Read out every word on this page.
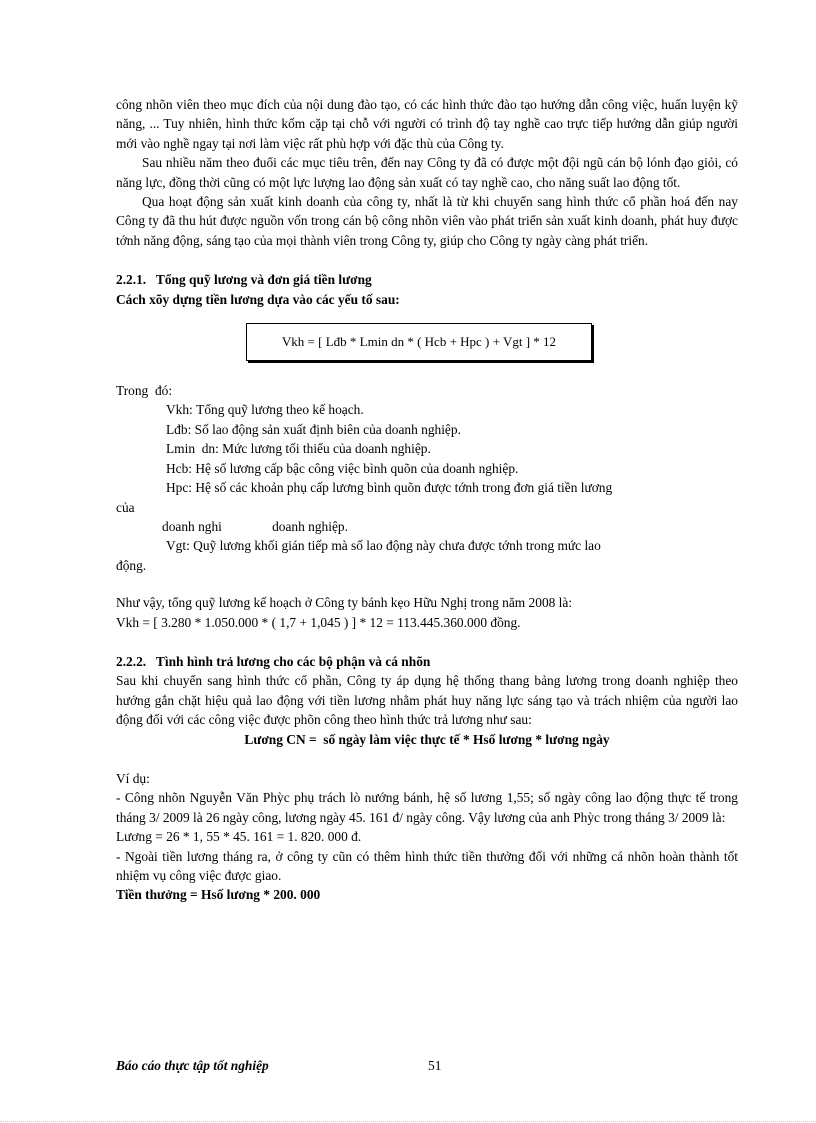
công nhõn viên theo mục đích của nội dung đào tạo, có các hình thức đào tạo hướng dẫn công việc, huấn luyện kỹ năng, ... Tuy nhiên, hình thức kốm cặp tại chỗ với người có trình độ tay nghề cao trực tiếp hướng dẫn giúp người mới vào nghề ngay tại nơi làm việc rất phù hợp với đặc thù của Công ty.

Sau nhiều năm theo đuổi các mục tiêu trên, đến nay Công ty đã có được một đội ngũ cán bộ lónh đạo giỏi, có năng lực, đồng thời cũng có một lực lượng lao động sản xuất có tay nghề cao, cho năng suất lao động tốt.

Qua hoạt động sản xuất kinh doanh của công ty, nhất là từ khi chuyển sang hình thức cổ phần hoá đến nay Công ty đã thu hút được nguồn vốn trong cán bộ công nhõn viên vào phát triển sản xuất kinh doanh, phát huy được tớnh năng động, sáng tạo của mọi thành viên trong Công ty, giúp cho Công ty ngày càng phát triển.

2.2.1.   Tổng quỹ lương và đơn giá tiền lương

Cách xõy dựng tiền lương dựa vào các yếu tố sau:

Vkh = [ Lđb * Lmin dn * ( Hcb + Hpc ) + Vgt ] * 12

Trong  đó:

Vkh: Tổng quỹ lương theo kế hoạch.
Lđb: Số lao động sản xuất định biên của doanh nghiệp.
Lmin  dn: Mức lương tối thiểu của doanh nghiệp.
Hcb: Hệ số lương cấp bậc công việc bình quõn của doanh nghiệp.
Hpc: Hệ số các khoản phụ cấp lương bình quõn được tớnh trong đơn giá tiền lương

của

doanh nghi               doanh nghiệp.

Vgt: Quỹ lương khối gián tiếp mà số lao động này chưa được tớnh trong mức lao

động.

Như vậy, tổng quỹ lương kế hoạch ở Công ty bánh kẹo Hữu Nghị trong năm 2008 là:

Vkh = [ 3.280 * 1.050.000 * ( 1,7 + 1,045 ) ] * 12 = 113.445.360.000 đồng.

2.2.2.   Tình hình trả lương cho các bộ phận và cá nhõn

Sau khi chuyển sang hình thức cổ phần, Công ty áp dụng hệ thống thang bảng lương trong doanh nghiệp theo hướng gắn chặt hiệu quả lao động với tiền lương nhằm phát huy năng lực sáng tạo và trách nhiệm của người lao động đối với các công việc được phõn công theo hình thức trả lương như sau:

Lương CN =  số ngày làm việc thực tế * Hsố lương * lương ngày

Ví dụ:

- Công nhõn Nguyễn Văn Phỳc phụ trách lò nướng bánh, hệ số lương 1,55; số ngày công lao động thực tế trong tháng 3/ 2009 là 26 ngày công, lương ngày 45. 161 đ/ ngày công. Vậy lương của anh Phỳc trong tháng 3/ 2009 là:

Lương = 26 * 1, 55 * 45. 161 = 1. 820. 000 đ.

- Ngoài tiền lương tháng ra, ở công ty cũn có thêm hình thức tiền thưởng đối với những cá nhõn hoàn thành tốt nhiệm vụ công việc được giao.

Tiền thưởng = Hsố lương * 200. 000

Báo cáo thực tập tốt nghiệp	51
